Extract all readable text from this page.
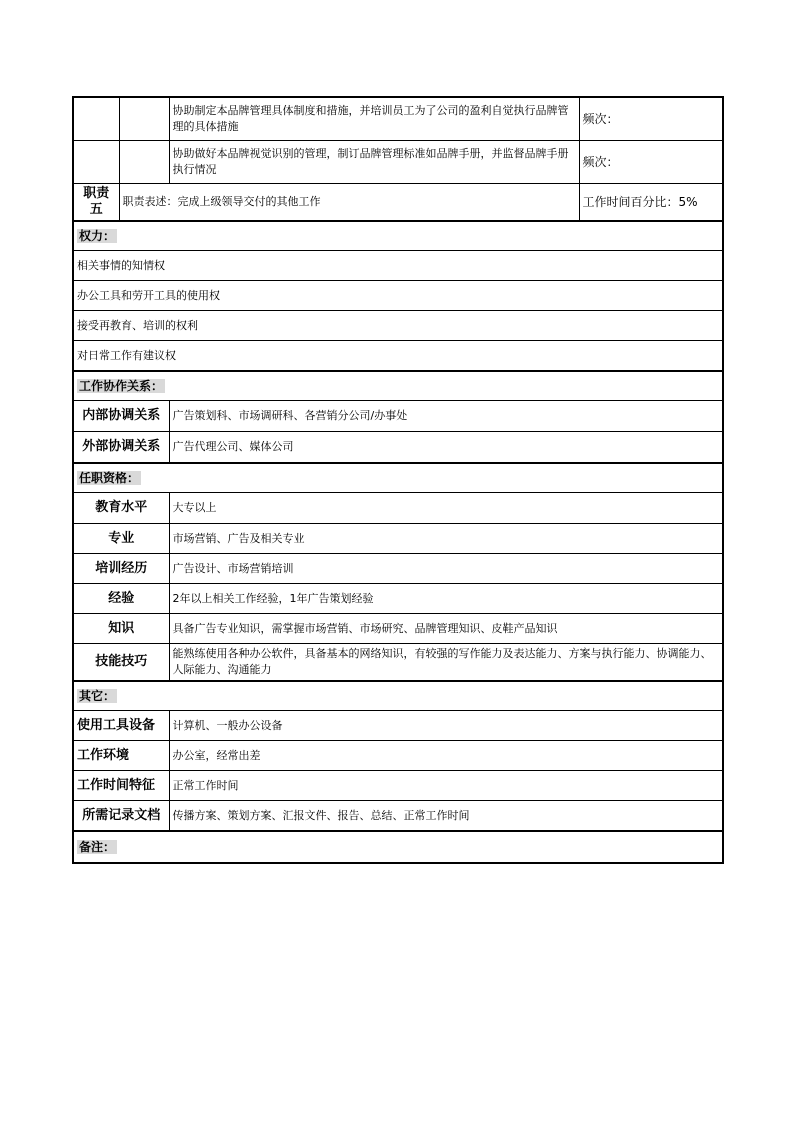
		协助制定本品牌管理具体制度和措施，并培训员工为了公司的盈利自觉执行品牌管理的具体措施	频次：
		协助做好本品牌视觉识别的管理，制订品牌管理标准如品牌手册，并监督品牌手册执行情况	频次：
职责五	职责表述：完成上级领导交付的其他工作		工作时间百分比：5%
权力：			
相关事情的知情权			
办公工具和劳开工具的使用权			
接受再教育、培训的权利			
对日常工作有建议权			
工作协作关系：			
内部协调关系		广告策划科、市场调研科、各营销分公司/办事处	
外部协调关系		广告代理公司、媒体公司	
任职资格：			
教育水平		大专以上	
专业		市场营销、广告及相关专业	
培训经历		广告设计、市场营销培训	
经验		2年以上相关工作经验，1年广告策划经验	
知识		具备广告专业知识，需掌握市场营销、市场研究、品牌管理知识、皮鞋产品知识	
技能技巧		能熟练使用各种办公软件，具备基本的网络知识，有较强的写作能力及表达能力、方案与执行能力、协调能力、人际能力、沟通能力	
其它：			
使用工具设备		计算机、一般办公设备	
工作环境		办公室，经常出差	
工作时间特征		正常工作时间	
所需记录文档		传播方案、策划方案、汇报文件、报告、总结、正常工作时间	
备注：			
